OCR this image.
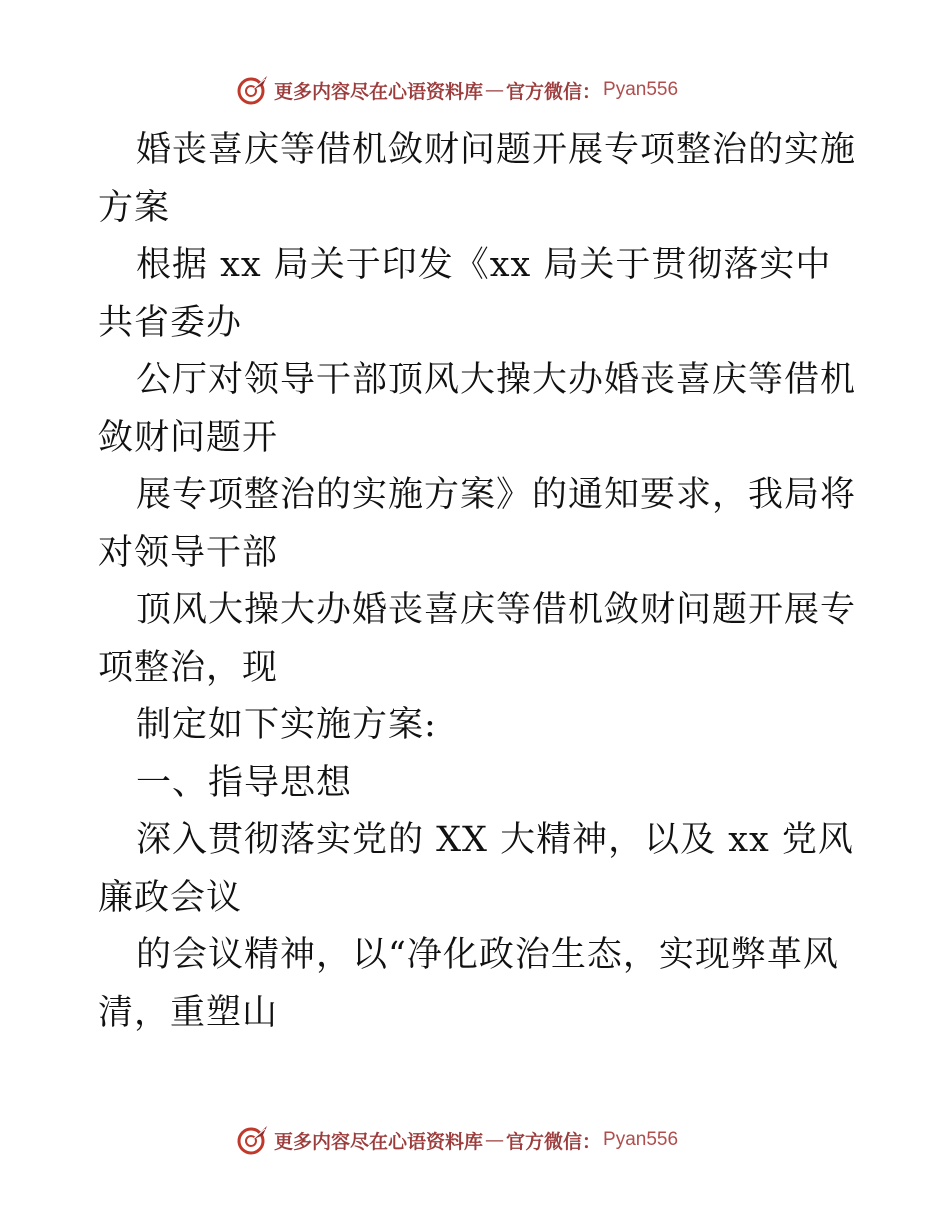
更多内容尽在心语资料库 — 官方微信： Pyan556

婚丧喜庆等借机敛财问题开展专项整治的实施方案

根据 xx 局关于印发《xx 局关于贯彻落实中共省委办

公厅对领导干部顶风大操大办婚丧喜庆等借机敛财问题开

展专项整治的实施方案》的通知要求，我局将对领导干部

顶风大操大办婚丧喜庆等借机敛财问题开展专项整治，现

制定如下实施方案:

一、指导思想

深入贯彻落实党的 XX 大精神，以及 xx 党风廉政会议

的会议精神，以“净化政治生态，实现弊革风清，重塑山

更多内容尽在心语资料库 — 官方微信： Pyan556
